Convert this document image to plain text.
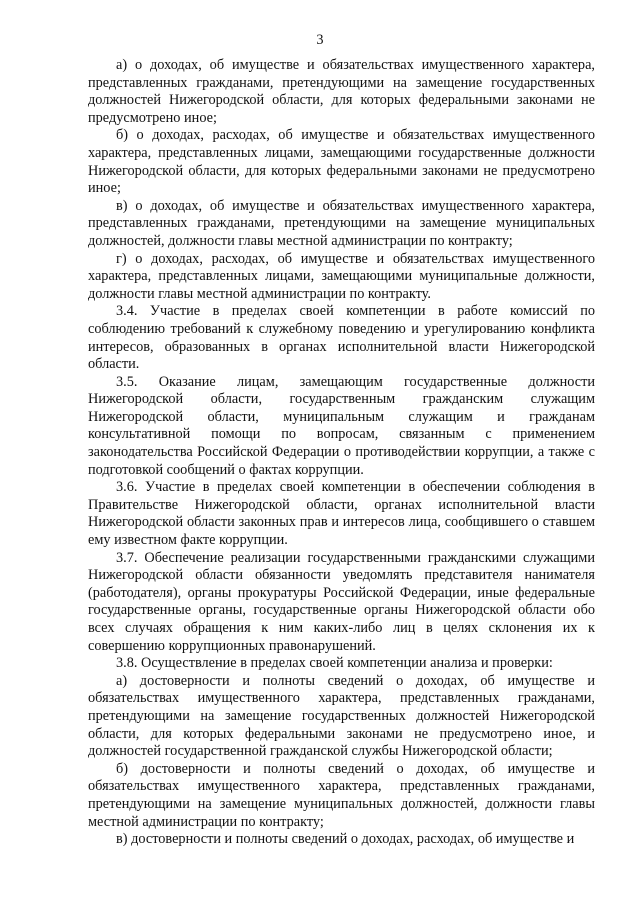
3

а) о доходах, об имуществе и обязательствах имущественного характера, представленных гражданами, претендующими на замещение государственных должностей Нижегородской области, для которых федеральными законами не предусмотрено иное;

б) о доходах, расходах, об имуществе и обязательствах имущественного характера, представленных лицами, замещающими государственные должности Нижегородской области, для которых федеральными законами не предусмотрено иное;

в) о доходах, об имуществе и обязательствах имущественного характера, представленных гражданами, претендующими на замещение муниципальных должностей, должности главы местной администрации по контракту;

г) о доходах, расходах, об имуществе и обязательствах имущественного характера, представленных лицами, замещающими муниципальные должности, должности главы местной администрации по контракту.

3.4. Участие в пределах своей компетенции в работе комиссий по соблюдению требований к служебному поведению и урегулированию конфликта интересов, образованных в органах исполнительной власти Нижегородской области.

3.5. Оказание лицам, замещающим государственные должности Нижегородской области, государственным гражданским служащим Нижегородской области, муниципальным служащим и гражданам консультативной помощи по вопросам, связанным с применением законодательства Российской Федерации о противодействии коррупции, а также с подготовкой сообщений о фактах коррупции.

3.6. Участие в пределах своей компетенции в обеспечении соблюдения в Правительстве Нижегородской области, органах исполнительной власти Нижегородской области законных прав и интересов лица, сообщившего о ставшем ему известном факте коррупции.

3.7. Обеспечение реализации государственными гражданскими служащими Нижегородской области обязанности уведомлять представителя нанимателя (работодателя), органы прокуратуры Российской Федерации, иные федеральные государственные органы, государственные органы Нижегородской области обо всех случаях обращения к ним каких-либо лиц в целях склонения их к совершению коррупционных правонарушений.

3.8. Осуществление в пределах своей компетенции анализа и проверки:

а) достоверности и полноты сведений о доходах, об имуществе и обязательствах имущественного характера, представленных гражданами, претендующими на замещение государственных должностей Нижегородской области, для которых федеральными законами не предусмотрено иное, и должностей государственной гражданской службы Нижегородской области;

б) достоверности и полноты сведений о доходах, об имуществе и обязательствах имущественного характера, представленных гражданами, претендующими на замещение муниципальных должностей, должности главы местной администрации по контракту;

в) достоверности и полноты сведений о доходах, расходах, об имуществе и
